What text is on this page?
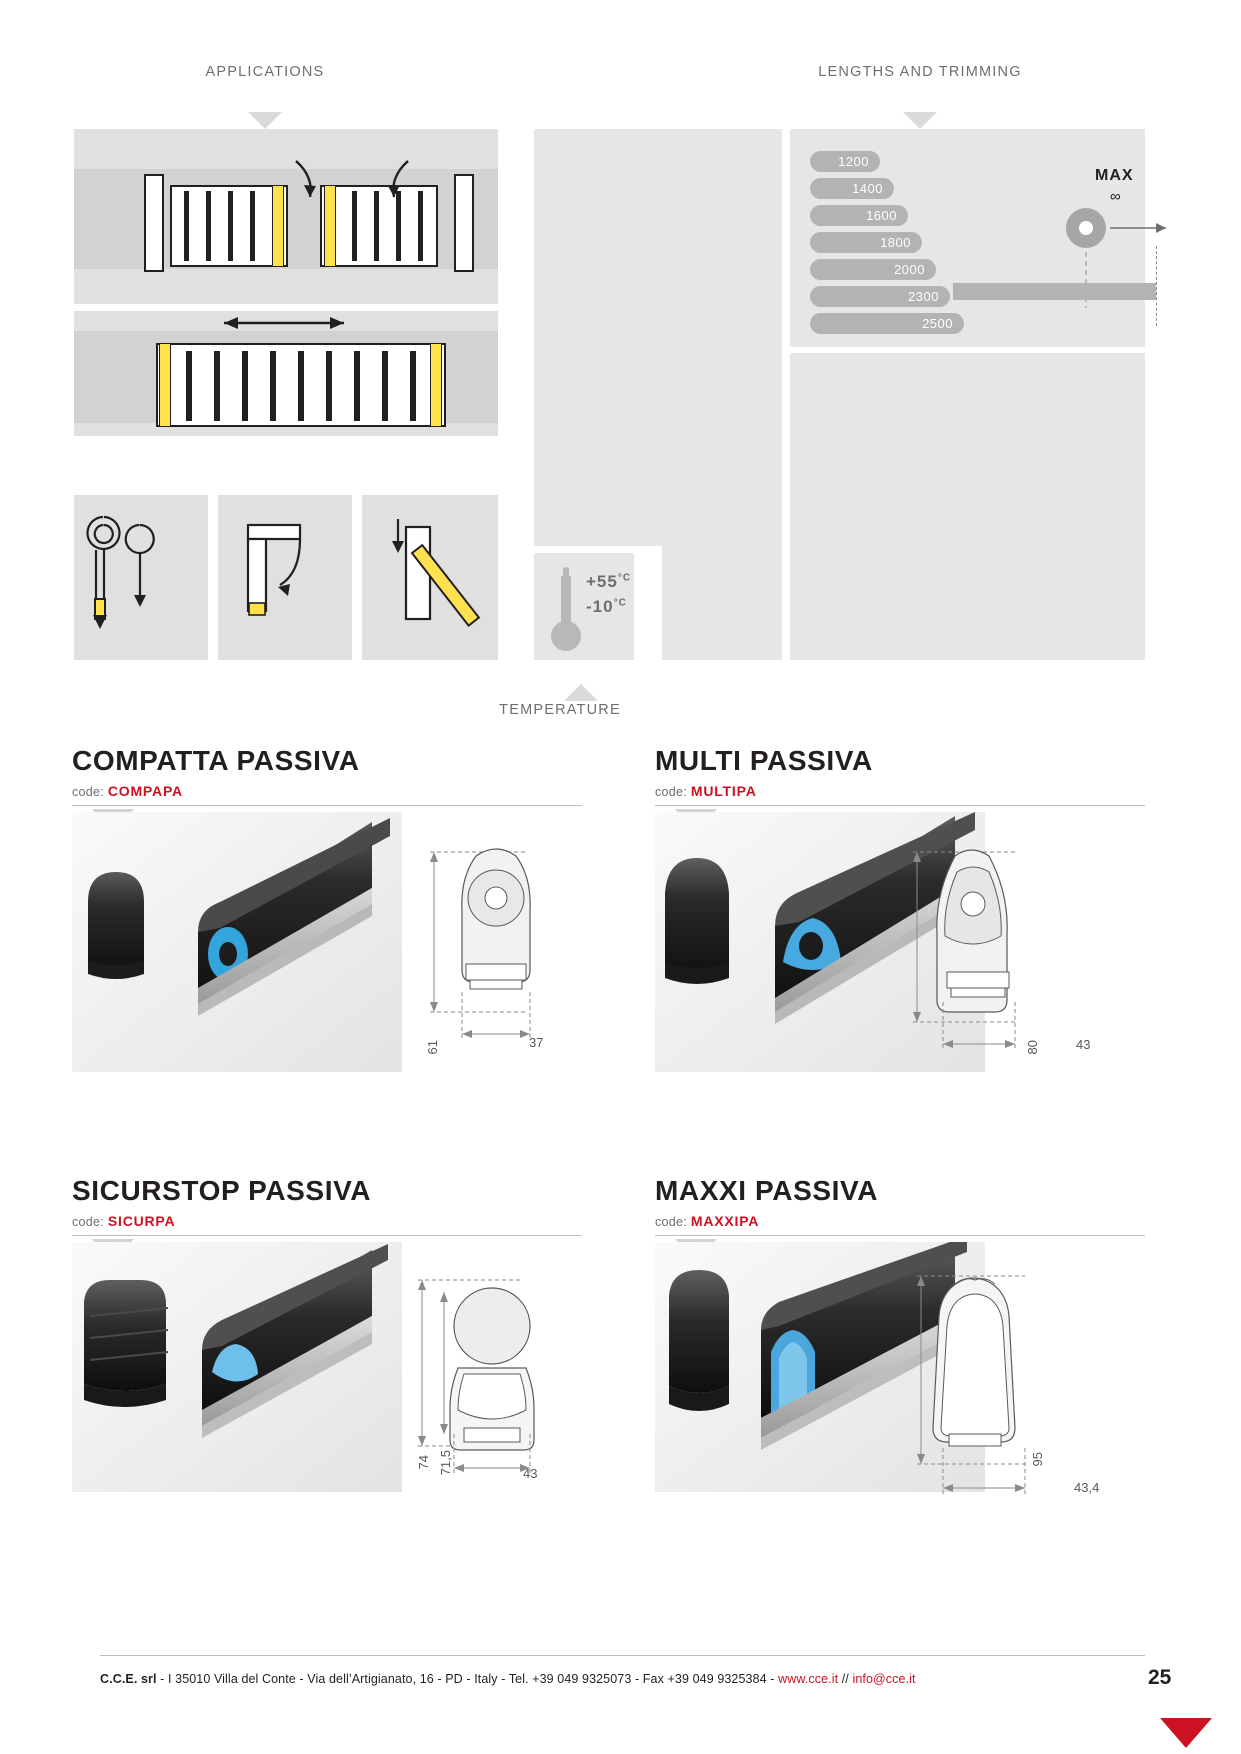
APPLICATIONS	LENGTHS AND TRIMMING
TEMPERATURE
$+55^{^\circ C}$
$-10^{^\circ C}$
1200
1400
1600
1800
2000
2300
2500
MAX
∞
COMPATTA PASSIVA
code: COMPAPA
61	37
MULTI PASSIVA
code: MULTIPA
80	43
SICURSTOP PASSIVA
code: SICURPA
74 71,5	43
MAXXI PASSIVA
code: MAXXIPA
95
43,4
C.C.E. srl - I 35010 Villa del Conte - Via dell’Artigianato, 16 - PD - Italy - Tel. +39 049 9325073 - Fax +39 049 9325384 - www.cce.it // info@cce.it	25
